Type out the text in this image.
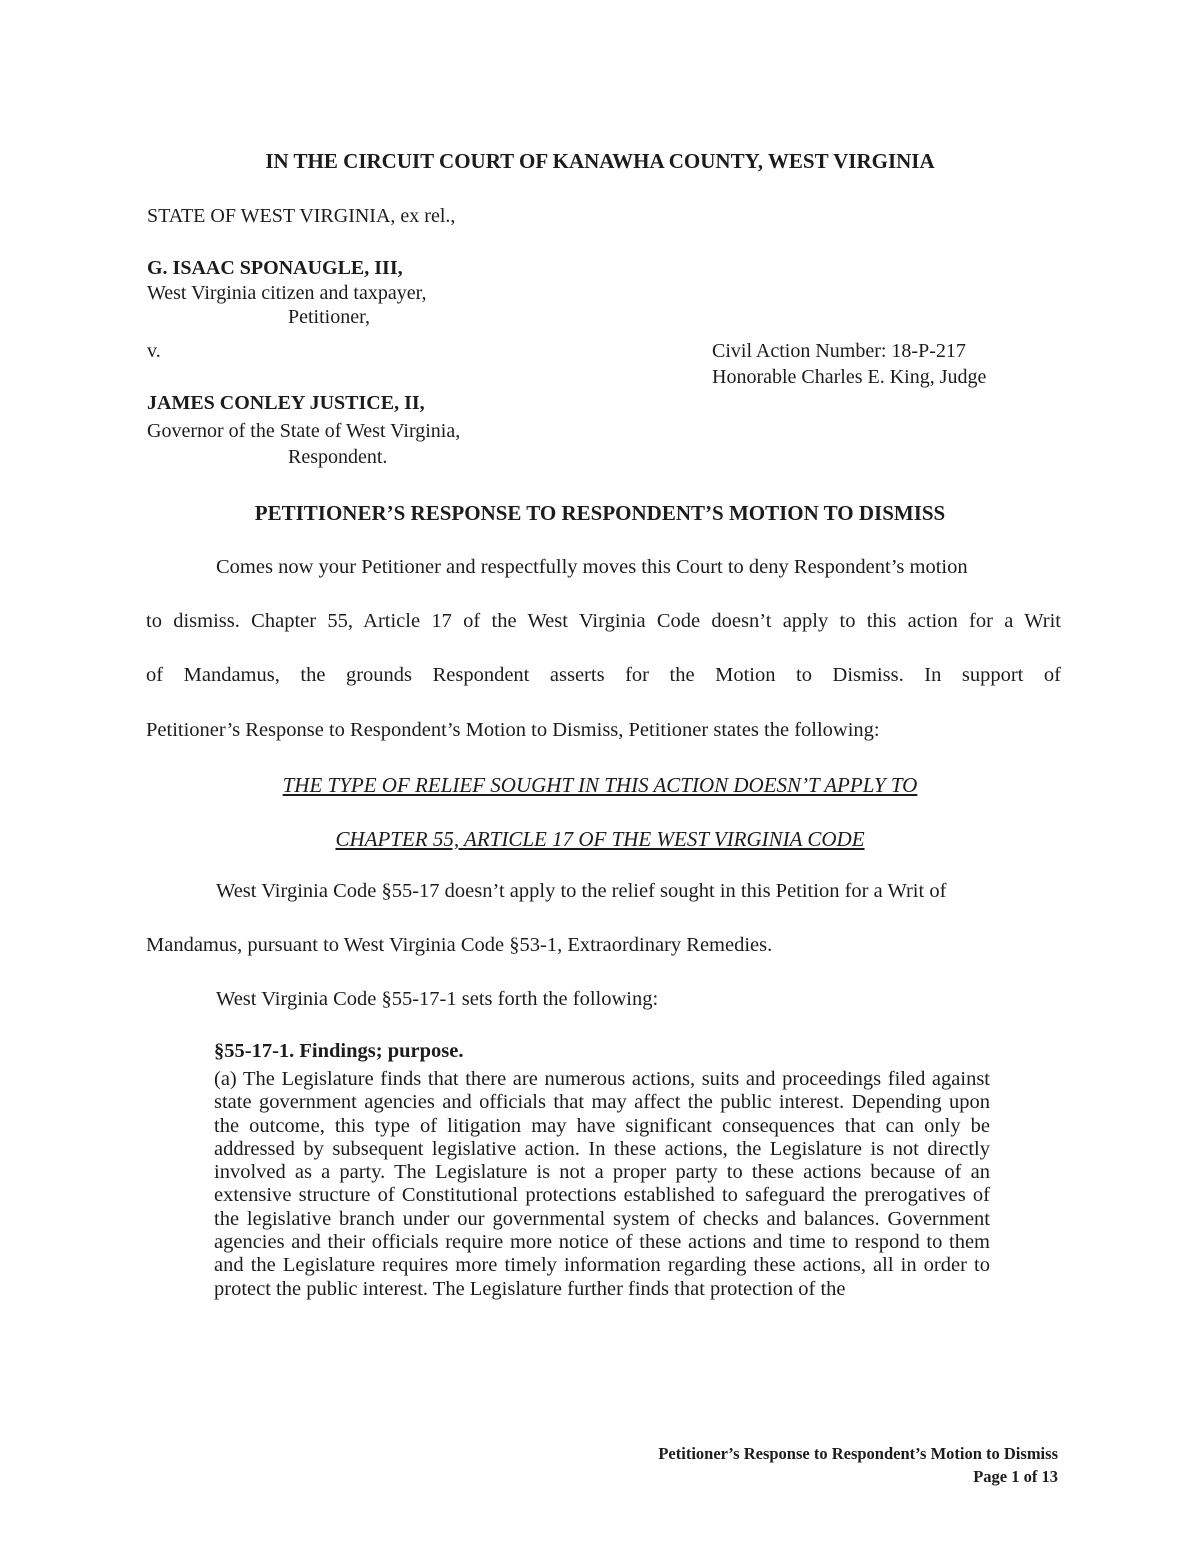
IN THE CIRCUIT COURT OF KANAWHA COUNTY, WEST VIRGINIA
STATE OF WEST VIRGINIA, ex rel.,
G. ISAAC SPONAUGLE, III,
West Virginia citizen and taxpayer,
Petitioner,
v.	Civil Action Number: 18-P-217
Honorable Charles E. King, Judge
JAMES CONLEY JUSTICE, II,
Governor of the State of West Virginia,
Respondent.
PETITIONER’S RESPONSE TO RESPONDENT’S MOTION TO DISMISS
Comes now your Petitioner and respectfully moves this Court to deny Respondent’s motion
to dismiss. Chapter 55, Article 17 of the West Virginia Code doesn’t apply to this action for a Writ
of Mandamus, the grounds Respondent asserts for the Motion to Dismiss. In support of
Petitioner’s Response to Respondent’s Motion to Dismiss, Petitioner states the following:
THE TYPE OF RELIEF SOUGHT IN THIS ACTION DOESN’T APPLY TO
CHAPTER 55, ARTICLE 17 OF THE WEST VIRGINIA CODE
West Virginia Code §55-17 doesn’t apply to the relief sought in this Petition for a Writ of
Mandamus, pursuant to West Virginia Code §53-1, Extraordinary Remedies.
West Virginia Code §55-17-1 sets forth the following:
§55-17-1. Findings; purpose.
(a) The Legislature finds that there are numerous actions, suits and proceedings filed against state government agencies and officials that may affect the public interest. Depending upon the outcome, this type of litigation may have significant consequences that can only be addressed by subsequent legislative action. In these actions, the Legislature is not directly involved as a party. The Legislature is not a proper party to these actions because of an extensive structure of Constitutional protections established to safeguard the prerogatives of the legislative branch under our governmental system of checks and balances. Government agencies and their officials require more notice of these actions and time to respond to them and the Legislature requires more timely information regarding these actions, all in order to protect the public interest. The Legislature further finds that protection of the
Petitioner’s Response to Respondent’s Motion to Dismiss
Page 1 of 13
